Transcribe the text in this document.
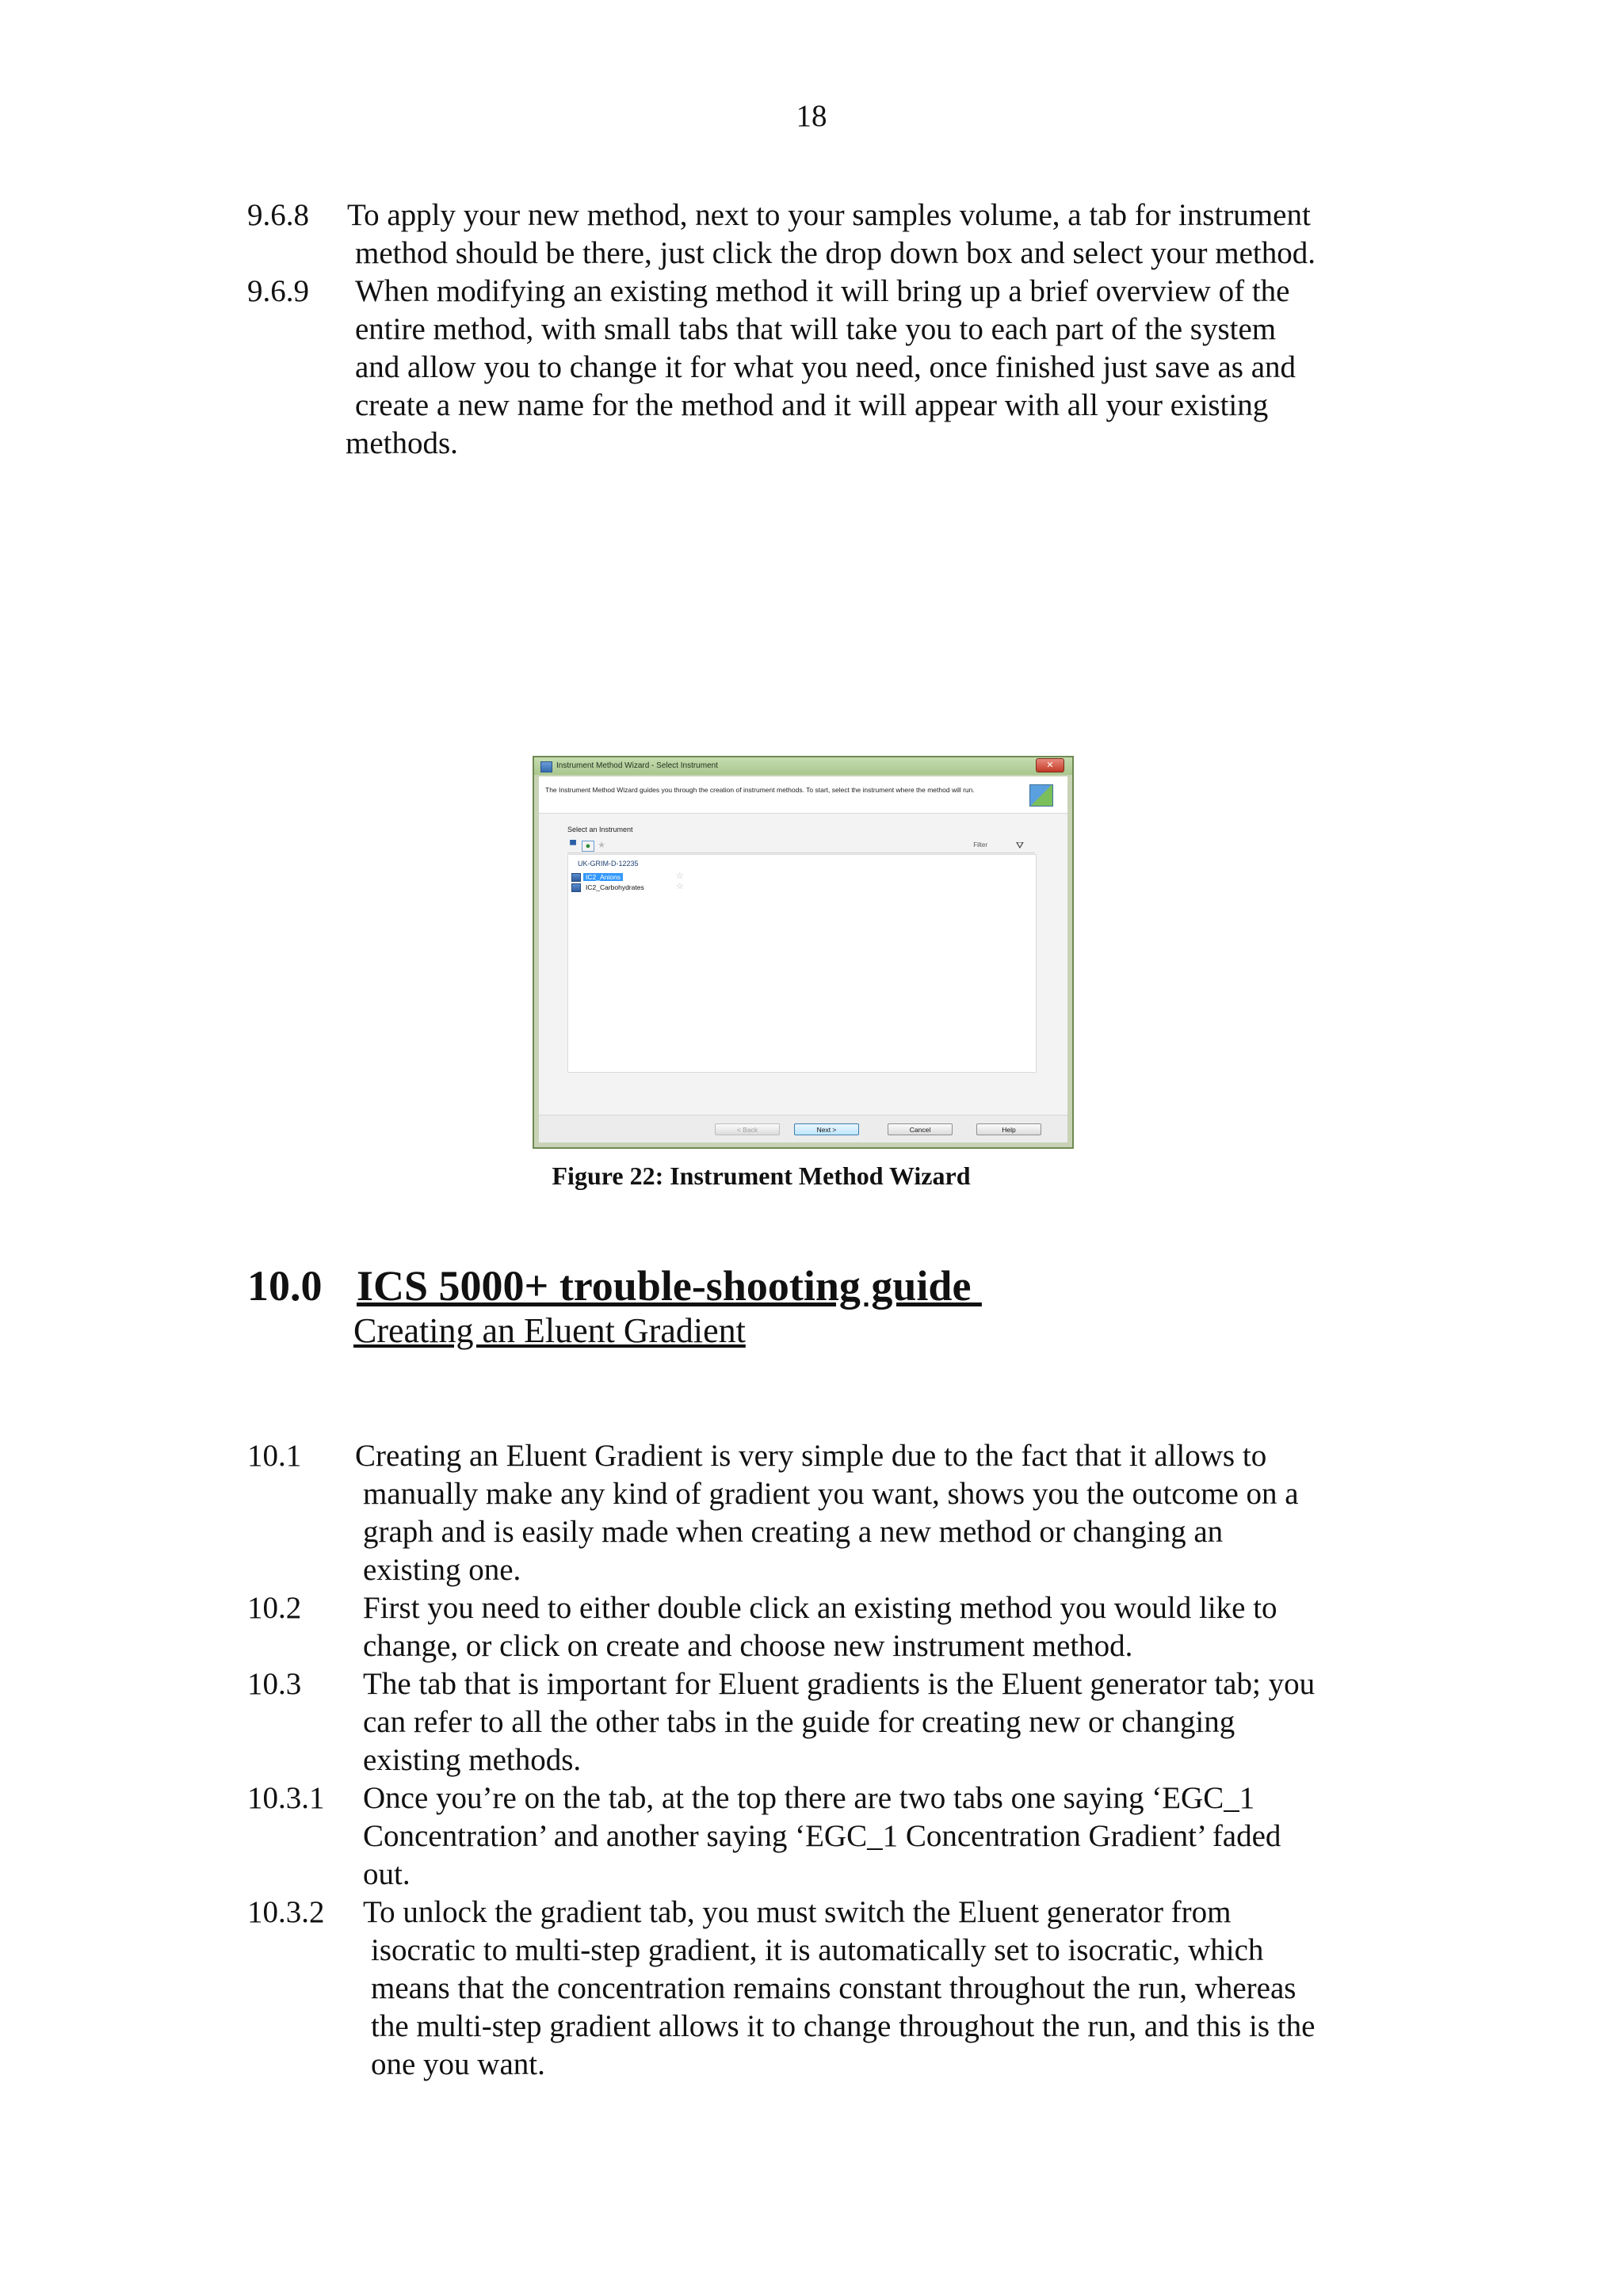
18
9.6.8 To apply your new method, next to your samples volume, a tab for instrument
method should be there, just click the drop down box and select your method.
9.6.9 When modifying an existing method it will bring up a brief overview of the
entire method, with small tabs that will take you to each part of the system
and allow you to change it for what you need, once finished just save as and
create a new name for the method and it will appear with all your existing
methods.
Instrument Method Wizard - Select Instrument	✕
The Instrument Method Wizard guides you through the creation of instrument methods. To start, select the instrument where the method will run.
Select an Instrument
▀	● ★	Filter	⛛
UK-GRIM-D-12235
IC2_Anions	☆
IC2_Carbohydrates	☆
< Back	Next >	Cancel	Help
Figure 22: Instrument Method Wizard
10.0 ICS 5000+ trouble-shooting guide
Creating an Eluent Gradient
10.1 Creating an Eluent Gradient is very simple due to the fact that it allows to
manually make any kind of gradient you want, shows you the outcome on a
graph and is easily made when creating a new method or changing an
existing one.
10.2 First you need to either double click an existing method you would like to
change, or click on create and choose new instrument method.
10.3 The tab that is important for Eluent gradients is the Eluent generator tab; you
can refer to all the other tabs in the guide for creating new or changing
existing methods.
10.3.1 Once you’re on the tab, at the top there are two tabs one saying ‘EGC_1
Concentration’ and another saying ‘EGC_1 Concentration Gradient’ faded
out.
10.3.2 To unlock the gradient tab, you must switch the Eluent generator from
isocratic to multi-step gradient, it is automatically set to isocratic, which
means that the concentration remains constant throughout the run, whereas
the multi-step gradient allows it to change throughout the run, and this is the
one you want.
